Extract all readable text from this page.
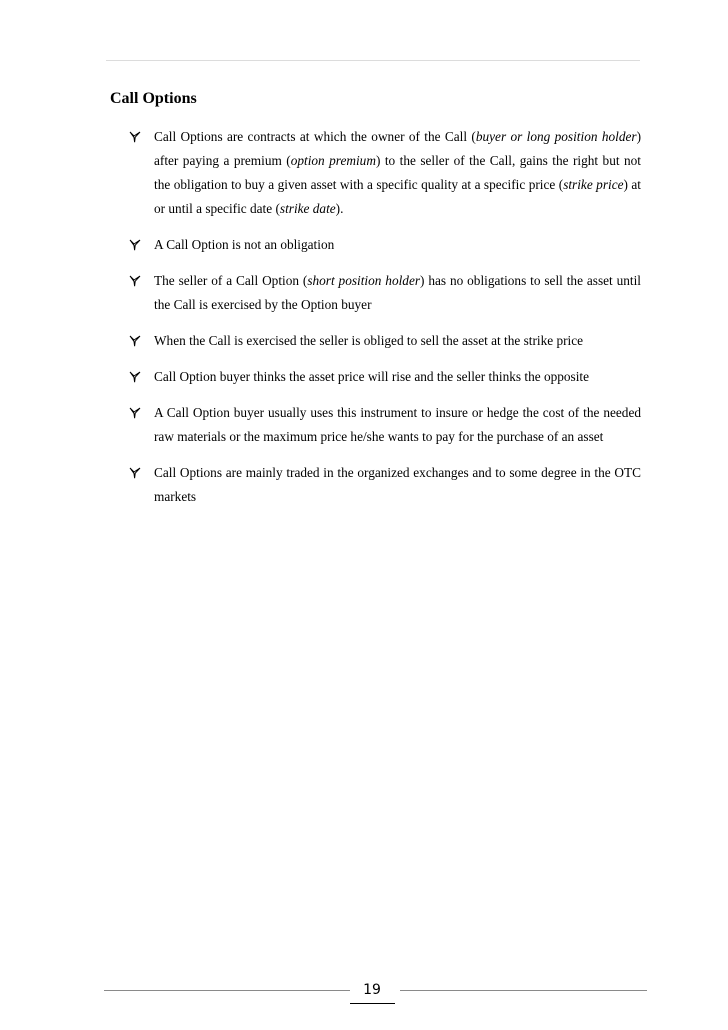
Call Options
Call Options are contracts at which the owner of the Call (buyer or long position holder) after paying a premium (option premium) to the seller of the Call, gains the right but not the obligation to buy a given asset with a specific quality at a specific price (strike price) at or until a specific date (strike date).
A Call Option is not an obligation
The seller of a Call Option (short position holder) has no obligations to sell the asset until the Call is exercised by the Option buyer
When the Call is exercised the seller is obliged to sell the asset at the strike price
Call Option buyer thinks the asset price will rise and the seller thinks the opposite
A Call Option buyer usually uses this instrument to insure or hedge the cost of the needed raw materials or the maximum price he/she wants to pay for the purchase of an asset
Call Options are mainly traded in the organized exchanges and to some degree in the OTC markets
19
